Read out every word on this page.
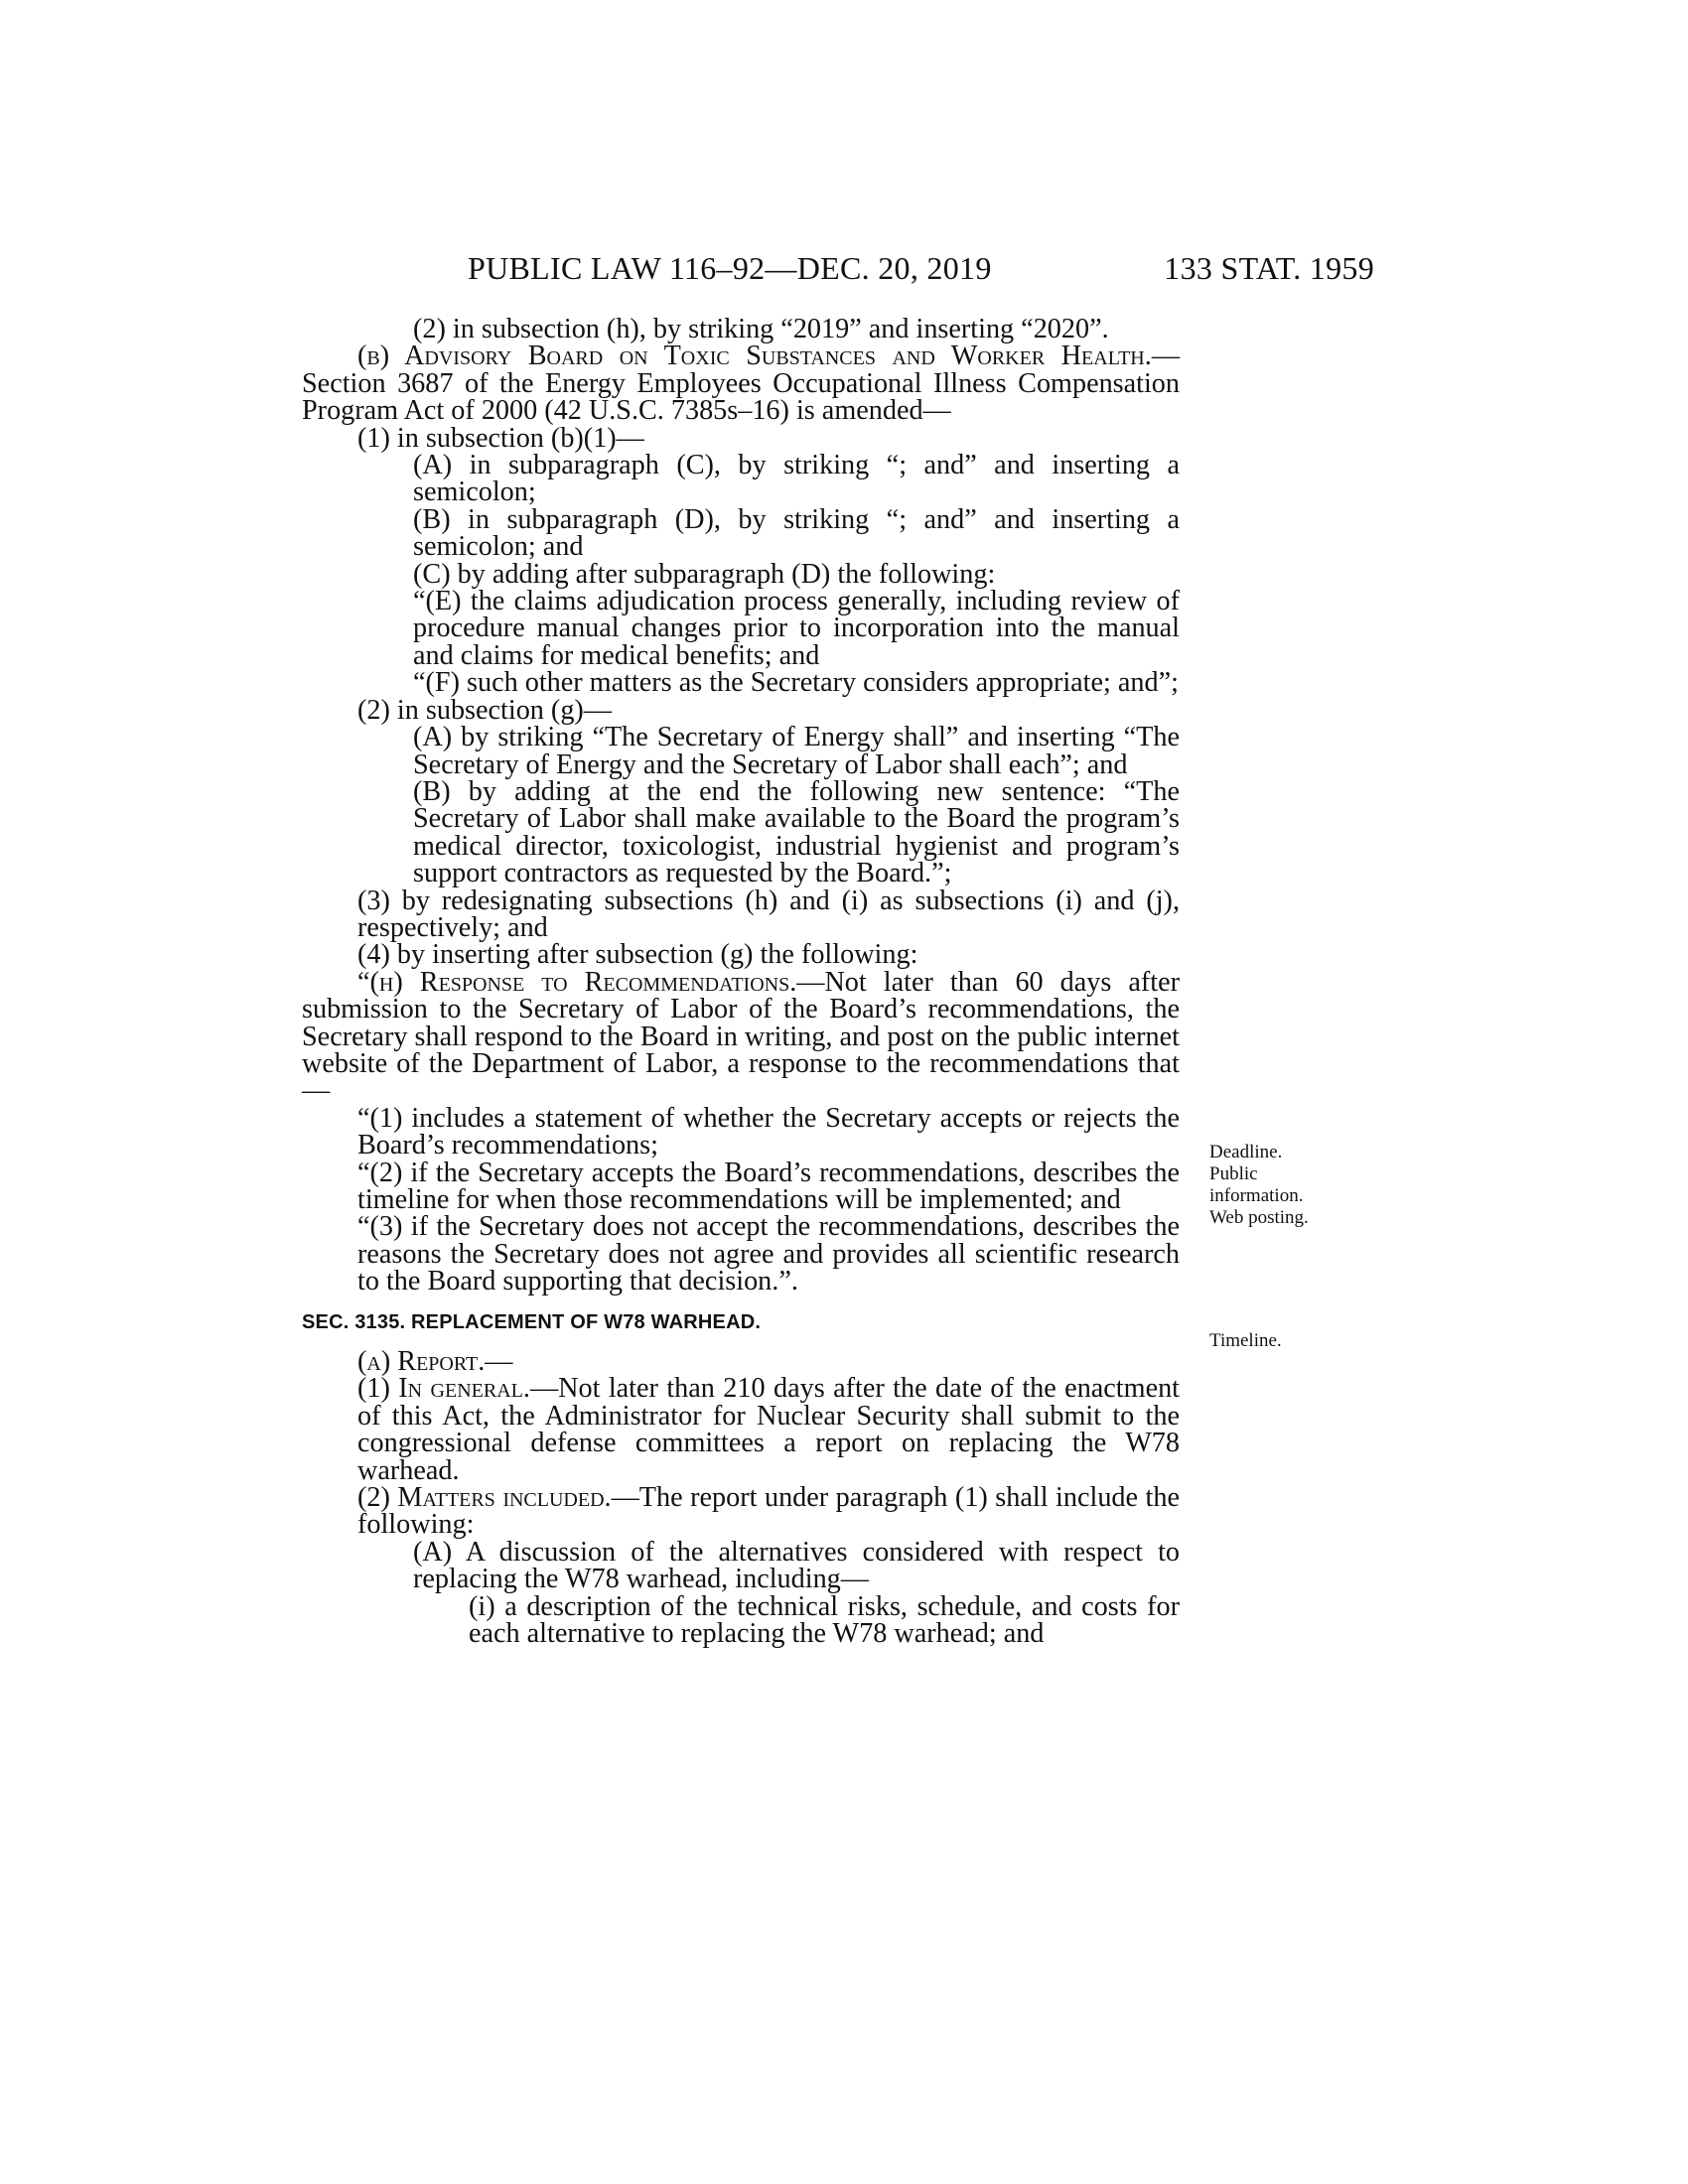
PUBLIC LAW 116–92—DEC. 20, 2019	133 STAT. 1959

(2) in subsection (h), by striking “2019” and inserting “2020”.

(b) Advisory Board on Toxic Substances and Worker Health.—Section 3687 of the Energy Employees Occupational Illness Compensation Program Act of 2000 (42 U.S.C. 7385s–16) is amended—

(1) in subsection (b)(1)—

(A) in subparagraph (C), by striking “; and” and inserting a semicolon;

(B) in subparagraph (D), by striking “; and” and inserting a semicolon; and

(C) by adding after subparagraph (D) the following:

“(E) the claims adjudication process generally, including review of procedure manual changes prior to incorporation into the manual and claims for medical benefits; and

“(F) such other matters as the Secretary considers appropriate; and”;

(2) in subsection (g)—

(A) by striking “The Secretary of Energy shall” and inserting “The Secretary of Energy and the Secretary of Labor shall each”; and

(B) by adding at the end the following new sentence: “The Secretary of Labor shall make available to the Board the program’s medical director, toxicologist, industrial hygienist and program’s support contractors as requested by the Board.”;

(3) by redesignating subsections (h) and (i) as subsections (i) and (j), respectively; and

(4) by inserting after subsection (g) the following:

“(h) Response to Recommendations.—Not later than 60 days after submission to the Secretary of Labor of the Board’s recommendations, the Secretary shall respond to the Board in writing, and post on the public internet website of the Department of Labor, a response to the recommendations that—

“(1) includes a statement of whether the Secretary accepts or rejects the Board’s recommendations;

“(2) if the Secretary accepts the Board’s recommendations, describes the timeline for when those recommendations will be implemented; and

“(3) if the Secretary does not accept the recommendations, describes the reasons the Secretary does not agree and provides all scientific research to the Board supporting that decision.”.

SEC. 3135. REPLACEMENT OF W78 WARHEAD.

(a) Report.—

(1) In general.—Not later than 210 days after the date of the enactment of this Act, the Administrator for Nuclear Security shall submit to the congressional defense committees a report on replacing the W78 warhead.

(2) Matters included.—The report under paragraph (1) shall include the following:

(A) A discussion of the alternatives considered with respect to replacing the W78 warhead, including—

(i) a description of the technical risks, schedule, and costs for each alternative to replacing the W78 warhead; and

Deadline.
Public
information.
Web posting.
Timeline.
